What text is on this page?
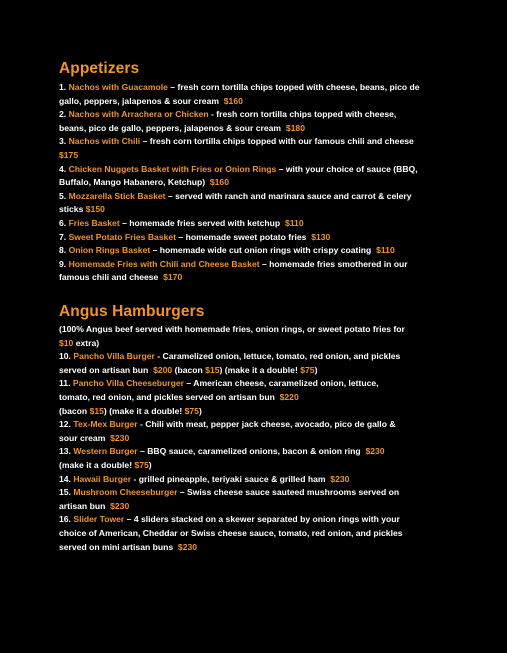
Appetizers
1. Nachos with Guacamole – fresh corn tortilla chips topped with cheese, beans, pico de
gallo, peppers, jalapenos & sour cream $160
2. Nachos with Arrachera or Chicken - fresh corn tortilla chips topped with cheese,
beans, pico de gallo, peppers, jalapenos & sour cream $180
3. Nachos with Chili – fresh corn tortilla chips topped with our famous chili and cheese
$175
4. Chicken Nuggets Basket with Fries or Onion Rings – with your choice of sauce (BBQ,
Buffalo, Mango Habanero, Ketchup) $160
5. Mozzarella Stick Basket – served with ranch and marinara sauce and carrot & celery
sticks $150
6. Fries Basket – homemade fries served with ketchup $110
7. Sweet Potato Fries Basket – homemade sweet potato fries $130
8. Onion Rings Basket – homemade wide cut onion rings with crispy coating $110
9. Homemade Fries with Chili and Cheese Basket – homemade fries smothered in our
famous chili and cheese $170
Angus Hamburgers
(100% Angus beef served with homemade fries, onion rings, or sweet potato fries for
$10 extra)
10. Pancho Villa Burger - Caramelized onion, lettuce, tomato, red onion, and pickles
served on artisan bun $200 (bacon $15) (make it a double! $75)
11. Pancho Villa Cheeseburger – American cheese, caramelized onion, lettuce,
tomato, red onion, and pickles served on artisan bun $220
(bacon $15) (make it a double! $75)
12. Tex-Mex Burger - Chili with meat, pepper jack cheese, avocado, pico de gallo &
sour cream $230
13. Western Burger – BBQ sauce, caramelized onions, bacon & onion ring $230
(make it a double! $75)
14. Hawaii Burger - grilled pineapple, teriyaki sauce & grilled ham $230
15. Mushroom Cheeseburger – Swiss cheese sauce sauteed mushrooms served on
artisan bun $230
16. Slider Tower – 4 sliders stacked on a skewer separated by onion rings with your
choice of American, Cheddar or Swiss cheese sauce, tomato, red onion, and pickles
served on mini artisan buns $230
